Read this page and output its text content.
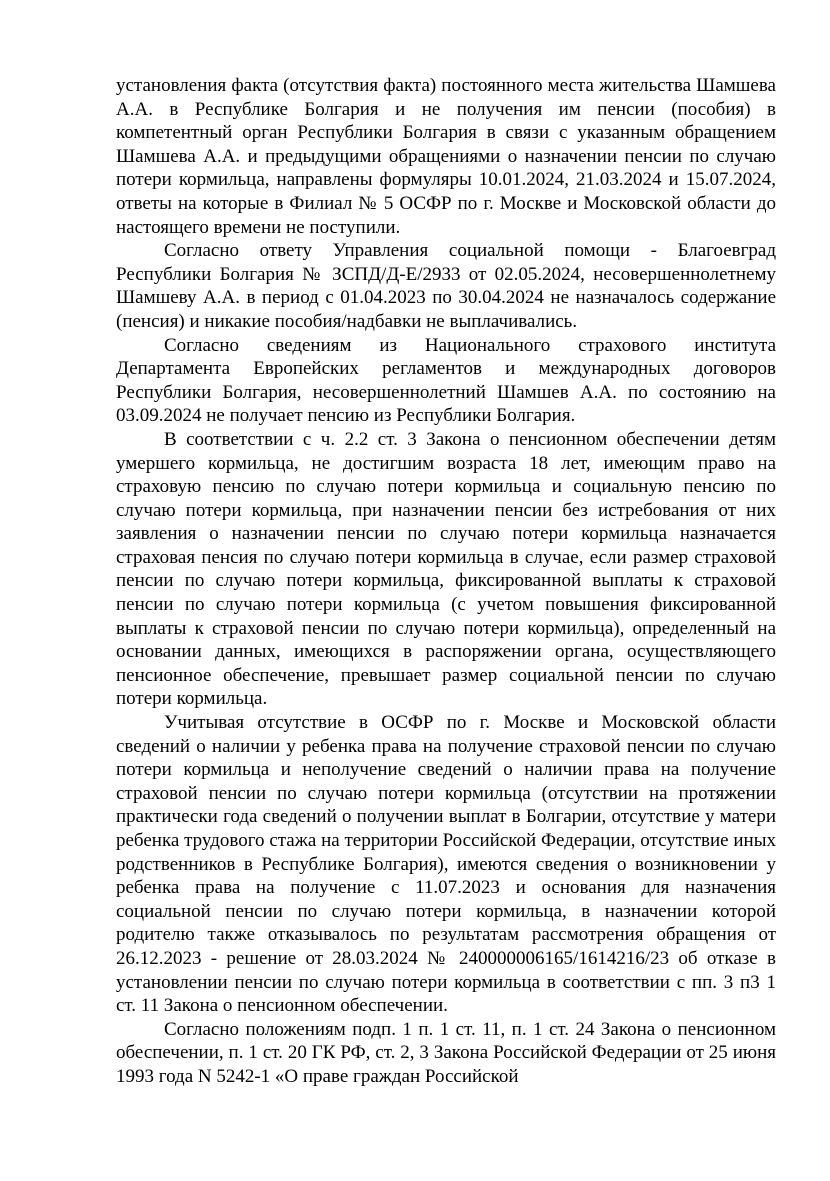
установления факта (отсутствия факта) постоянного места жительства Шамшева А.А. в Республике Болгария и не получения им пенсии (пособия) в компетентный орган Республики Болгария в связи с указанным обращением Шамшева А.А. и предыдущими обращениями о назначении пенсии по случаю потери кормильца, направлены формуляры 10.01.2024, 21.03.2024 и 15.07.2024, ответы на которые в Филиал № 5 ОСФР по г. Москве и Московской области до настоящего времени не поступили.

Согласно ответу Управления социальной помощи - Благоевград Республики Болгария № ЗСПД/Д-Е/2933 от 02.05.2024, несовершеннолетнему Шамшеву А.А. в период с 01.04.2023 по 30.04.2024 не назначалось содержание (пенсия) и никакие пособия/надбавки не выплачивались.

Согласно сведениям из Национального страхового института Департамента Европейских регламентов и международных договоров Республики Болгария, несовершеннолетний Шамшев А.А. по состоянию на 03.09.2024 не получает пенсию из Республики Болгария.

В соответствии с ч. 2.2 ст. 3 Закона о пенсионном обеспечении детям умершего кормильца, не достигшим возраста 18 лет, имеющим право на страховую пенсию по случаю потери кормильца и социальную пенсию по случаю потери кормильца, при назначении пенсии без истребования от них заявления о назначении пенсии по случаю потери кормильца назначается страховая пенсия по случаю потери кормильца в случае, если размер страховой пенсии по случаю потери кормильца, фиксированной выплаты к страховой пенсии по случаю потери кормильца (с учетом повышения фиксированной выплаты к страховой пенсии по случаю потери кормильца), определенный на основании данных, имеющихся в распоряжении органа, осуществляющего пенсионное обеспечение, превышает размер социальной пенсии по случаю потери кормильца.

Учитывая отсутствие в ОСФР по г. Москве и Московской области сведений о наличии у ребенка права на получение страховой пенсии по случаю потери кормильца и неполучение сведений о наличии права на получение страховой пенсии по случаю потери кормильца (отсутствии на протяжении практически года сведений о получении выплат в Болгарии, отсутствие у матери ребенка трудового стажа на территории Российской Федерации, отсутствие иных родственников в Республике Болгария), имеются сведения о возникновении у ребенка права на получение с 11.07.2023 и основания для назначения социальной пенсии по случаю потери кормильца, в назначении которой родителю также отказывалось по результатам рассмотрения обращения от 26.12.2023 - решение от 28.03.2024 № 240000006165/1614216/23 об отказе в установлении пенсии по случаю потери кормильца в соответствии с пп. 3 п3 1 ст. 11 Закона о пенсионном обеспечении.

Согласно положениям подп. 1 п. 1 ст. 11, п. 1 ст. 24 Закона о пенсионном обеспечении, п. 1 ст. 20 ГК РФ, ст. 2, 3 Закона Российской Федерации от 25 июня 1993 года N 5242-1 «О праве граждан Российской
